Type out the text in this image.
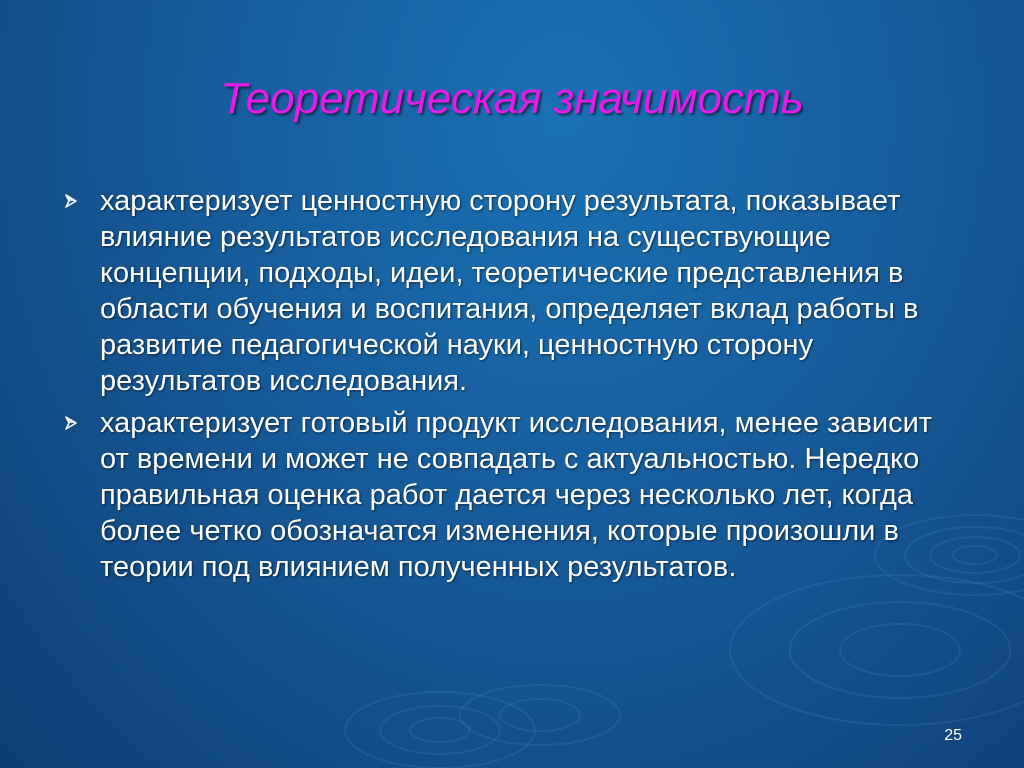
Теоретическая значимость
характеризует ценностную сторону результата, показывает влияние результатов исследования на существующие концепции, подходы, идеи, теоретические представления в области обучения и воспитания, определяет вклад работы в развитие педагогической науки, ценностную сторону результатов исследования.
характеризует готовый продукт исследования, менее зависит от времени и может не совпадать с актуальностью. Нередко правильная оценка работ дается через несколько лет, когда более четко обозначатся изменения, которые произошли в теории под влиянием полученных результатов.
25
